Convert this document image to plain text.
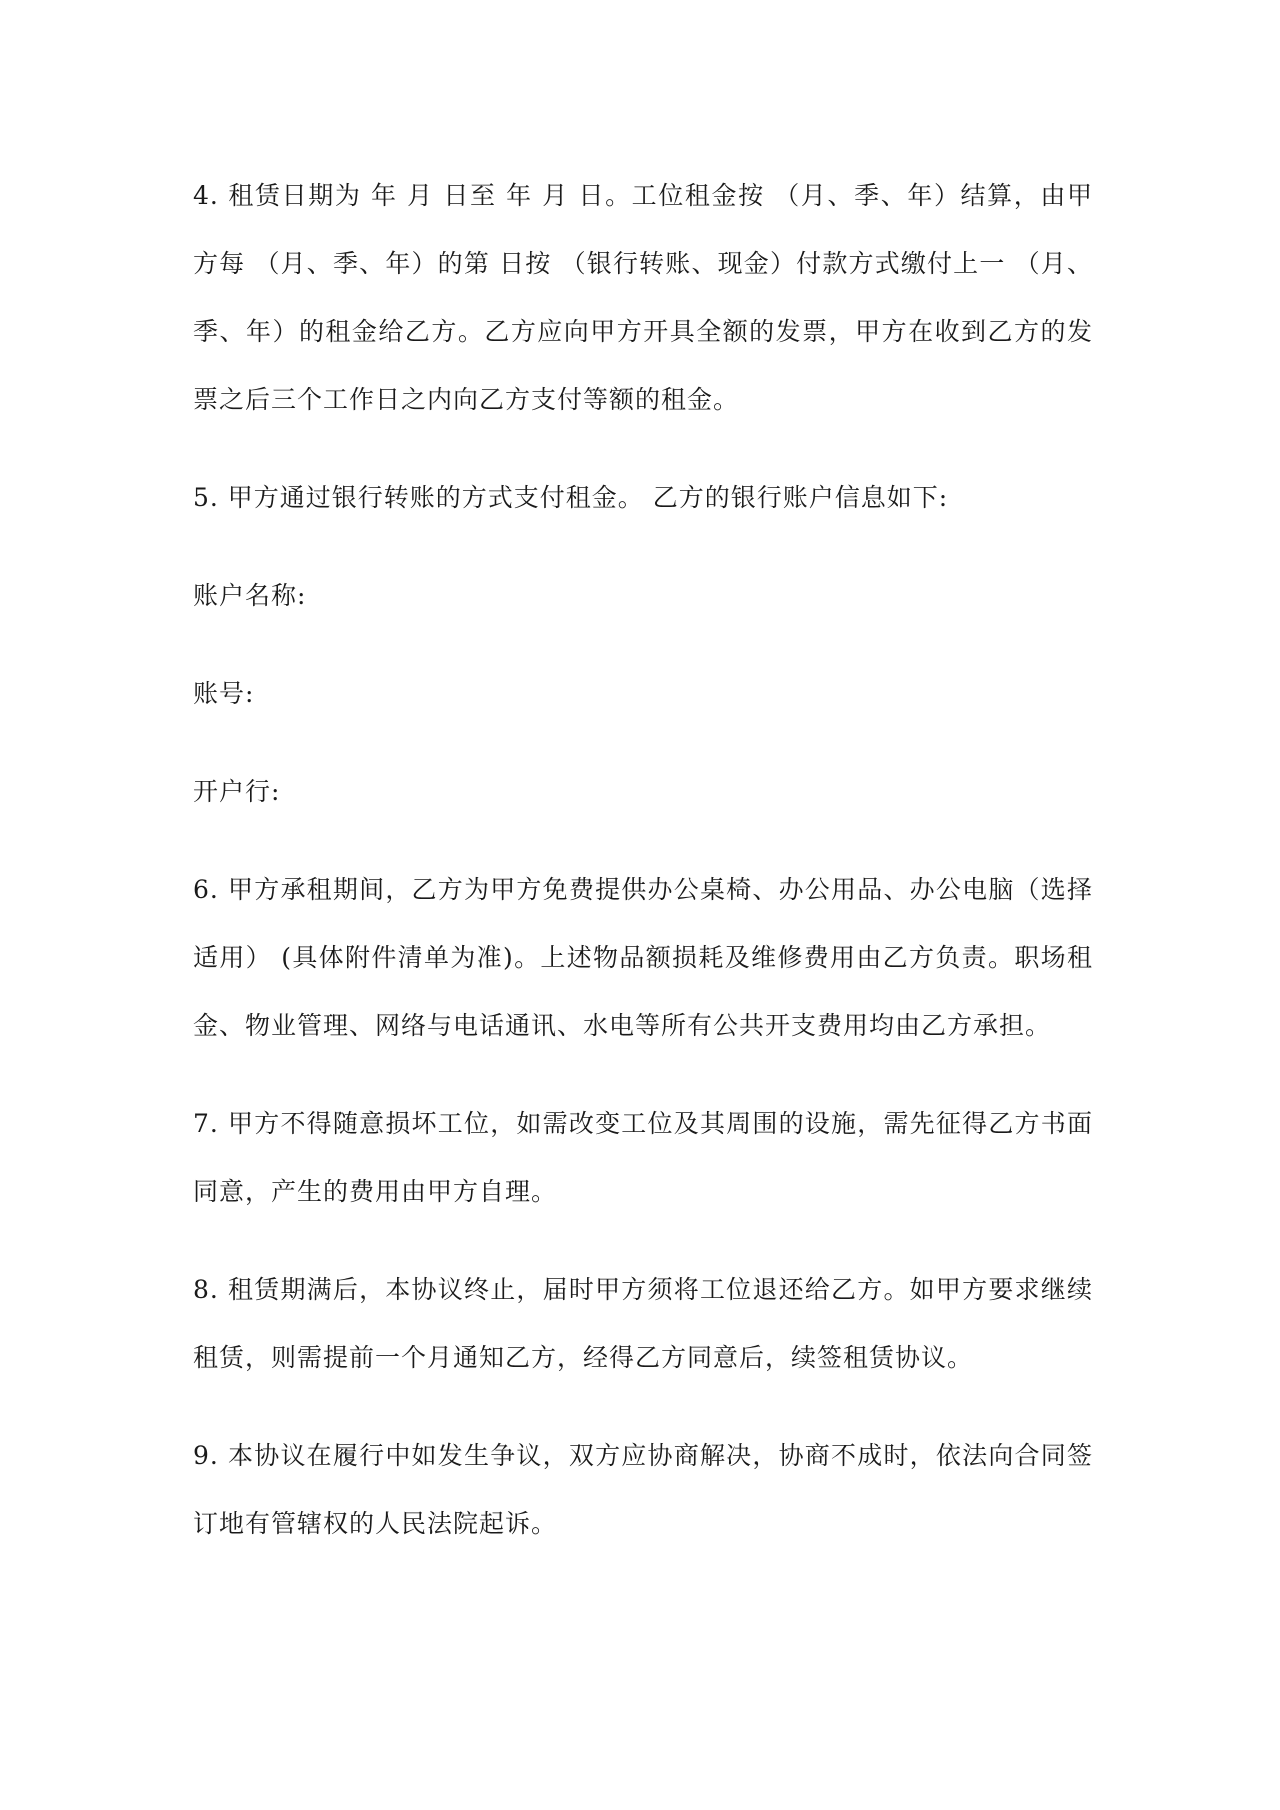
4. 租赁日期为 年 月 日至 年 月 日。工位租金按 （月、季、年）结算，由甲方每 （月、季、年）的第 日按 （银行转账、现金）付款方式缴付上一 （月、季、年）的租金给乙方。乙方应向甲方开具全额的发票，甲方在收到乙方的发票之后三个工作日之内向乙方支付等额的租金。

5. 甲方通过银行转账的方式支付租金。 乙方的银行账户信息如下:

账户名称:

账号:

开户行:

6. 甲方承租期间，乙方为甲方免费提供办公桌椅、办公用品、办公电脑（选择适用） (具体附件清单为准)。上述物品额损耗及维修费用由乙方负责。职场租金、物业管理、网络与电话通讯、水电等所有公共开支费用均由乙方承担。

7. 甲方不得随意损坏工位，如需改变工位及其周围的设施，需先征得乙方书面同意，产生的费用由甲方自理。

8. 租赁期满后，本协议终止，届时甲方须将工位退还给乙方。如甲方要求继续租赁，则需提前一个月通知乙方，经得乙方同意后，续签租赁协议。

9. 本协议在履行中如发生争议，双方应协商解决，协商不成时，依法向合同签订地有管辖权的人民法院起诉。
